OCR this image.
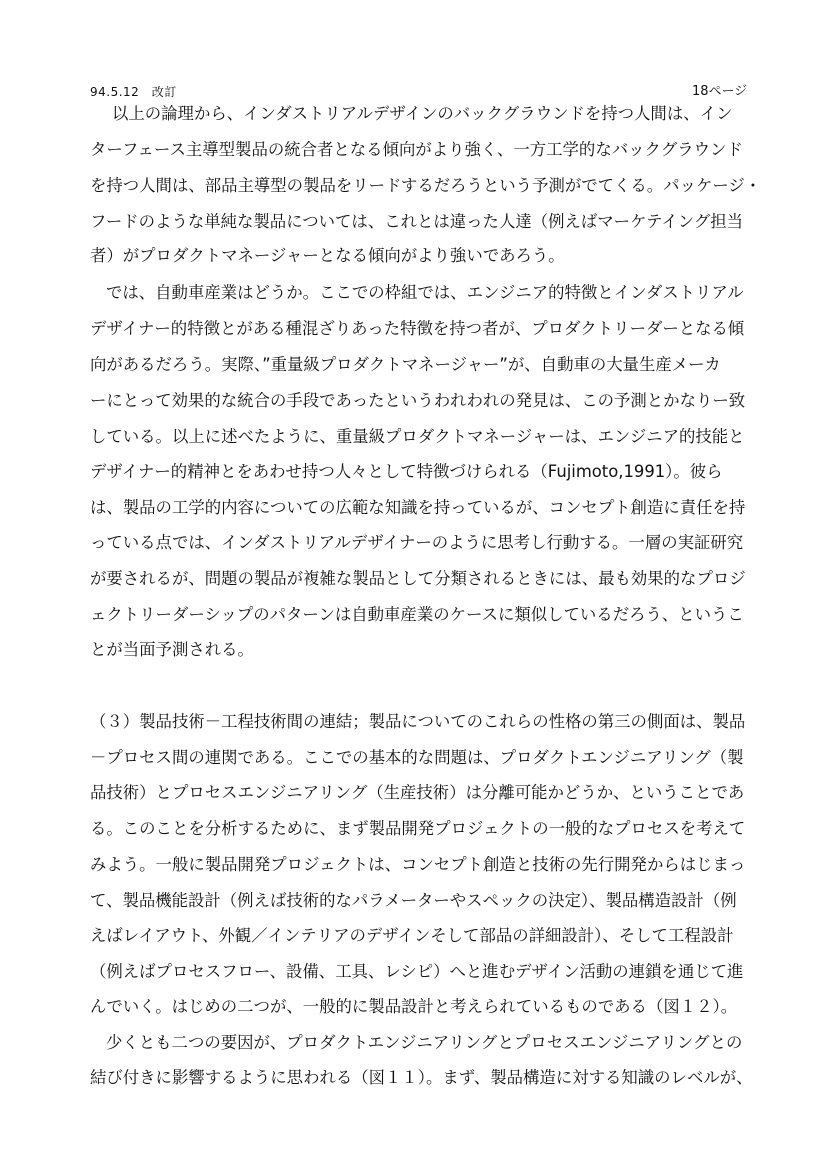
94.5.12　改訂	18ページ
以上の論理から、インダストリアルデザインのバックグラウンドを持つ人間は、イン
ターフェース主導型製品の統合者となる傾向がより強く、一方工学的なバックグラウンド
を持つ人間は、部品主導型の製品をリードするだろうという予測がでてくる。パッケージ・
フードのような単純な製品については、これとは違った人達（例えばマーケテイング担当
者）がプロダクトマネージャーとなる傾向がより強いであろう。
では、自動車産業はどうか。ここでの枠組では、エンジニア的特徴とインダストリアル
デザイナー的特徴とがある種混ざりあった特徴を持つ者が、プロダクトリーダーとなる傾
向があるだろう。実際、”重量級プロダクトマネージャー”が、自動車の大量生産メーカ
ーにとって効果的な統合の手段であったというわれわれの発見は、この予測とかなりー致
している。以上に述べたように、重量級プロダクトマネージャーは、エンジニア的技能と
デザイナー的精神とをあわせ持つ人々として特徴づけられる（Fujimoto,1991）。彼ら
は、製品の工学的内容についての広範な知識を持っているが、コンセプト創造に責任を持
っている点では、インダストリアルデザイナーのように思考し行動する。一層の実証研究
が要されるが、問題の製品が複雑な製品として分類されるときには、最も効果的なプロジ
ェクトリーダーシップのパターンは自動車産業のケースに類似しているだろう、というこ
とが当面予測される。
（３）製品技術－工程技術間の連結；製品についてのこれらの性格の第三の側面は、製品
－プロセス間の連関である。ここでの基本的な問題は、プロダクトエンジニアリング（製
品技術）とプロセスエンジニアリング（生産技術）は分離可能かどうか、ということであ
る。このことを分析するために、まず製品開発プロジェクトの一般的なプロセスを考えて
みよう。一般に製品開発プロジェクトは、コンセプト創造と技術の先行開発からはじまっ
て、製品機能設計（例えば技術的なパラメーターやスペックの決定）、製品構造設計（例
えばレイアウト、外観／インテリアのデザインそして部品の詳細設計）、そして工程設計
（例えばプロセスフロー、設備、工具、レシピ）へと進むデザイン活動の連鎖を通じて進
んでいく。はじめの二つが、一般的に製品設計と考えられているものである（図１２）。
少くとも二つの要因が、プロダクトエンジニアリングとプロセスエンジニアリングとの
結び付きに影響するように思われる（図１１）。まず、製品構造に対する知識のレベルが、
